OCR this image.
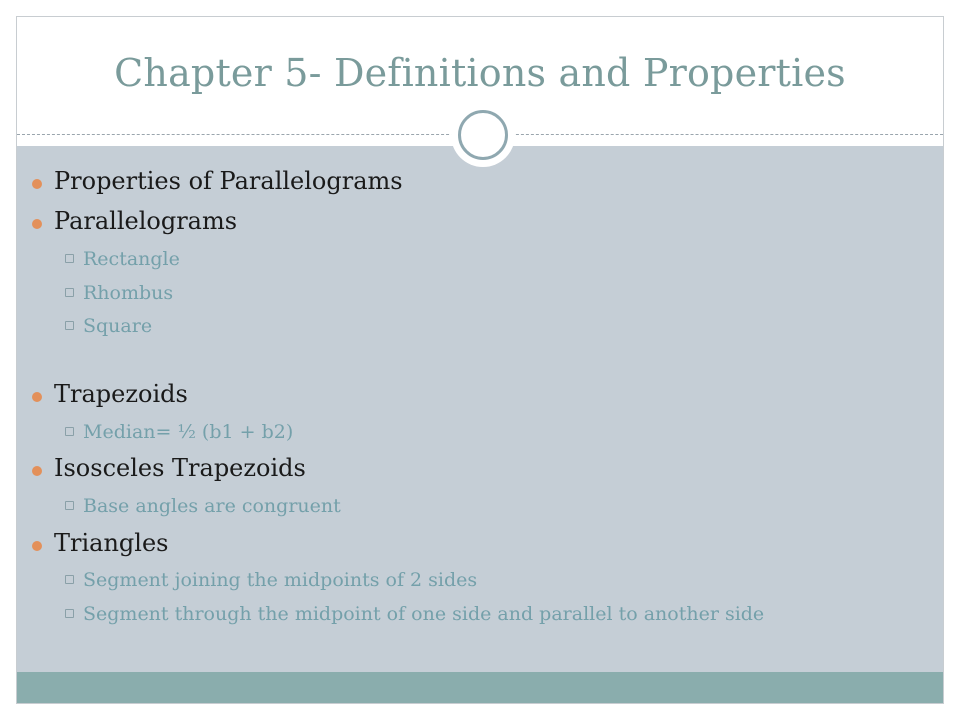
Chapter 5- Definitions and Properties
Properties of Parallelograms
Parallelograms
Rectangle
Rhombus
Square
Trapezoids
Median= ½ (b1 + b2)
Isosceles Trapezoids
Base angles are congruent
Triangles
Segment joining the midpoints of 2 sides
Segment through the midpoint of one side and parallel to another side
